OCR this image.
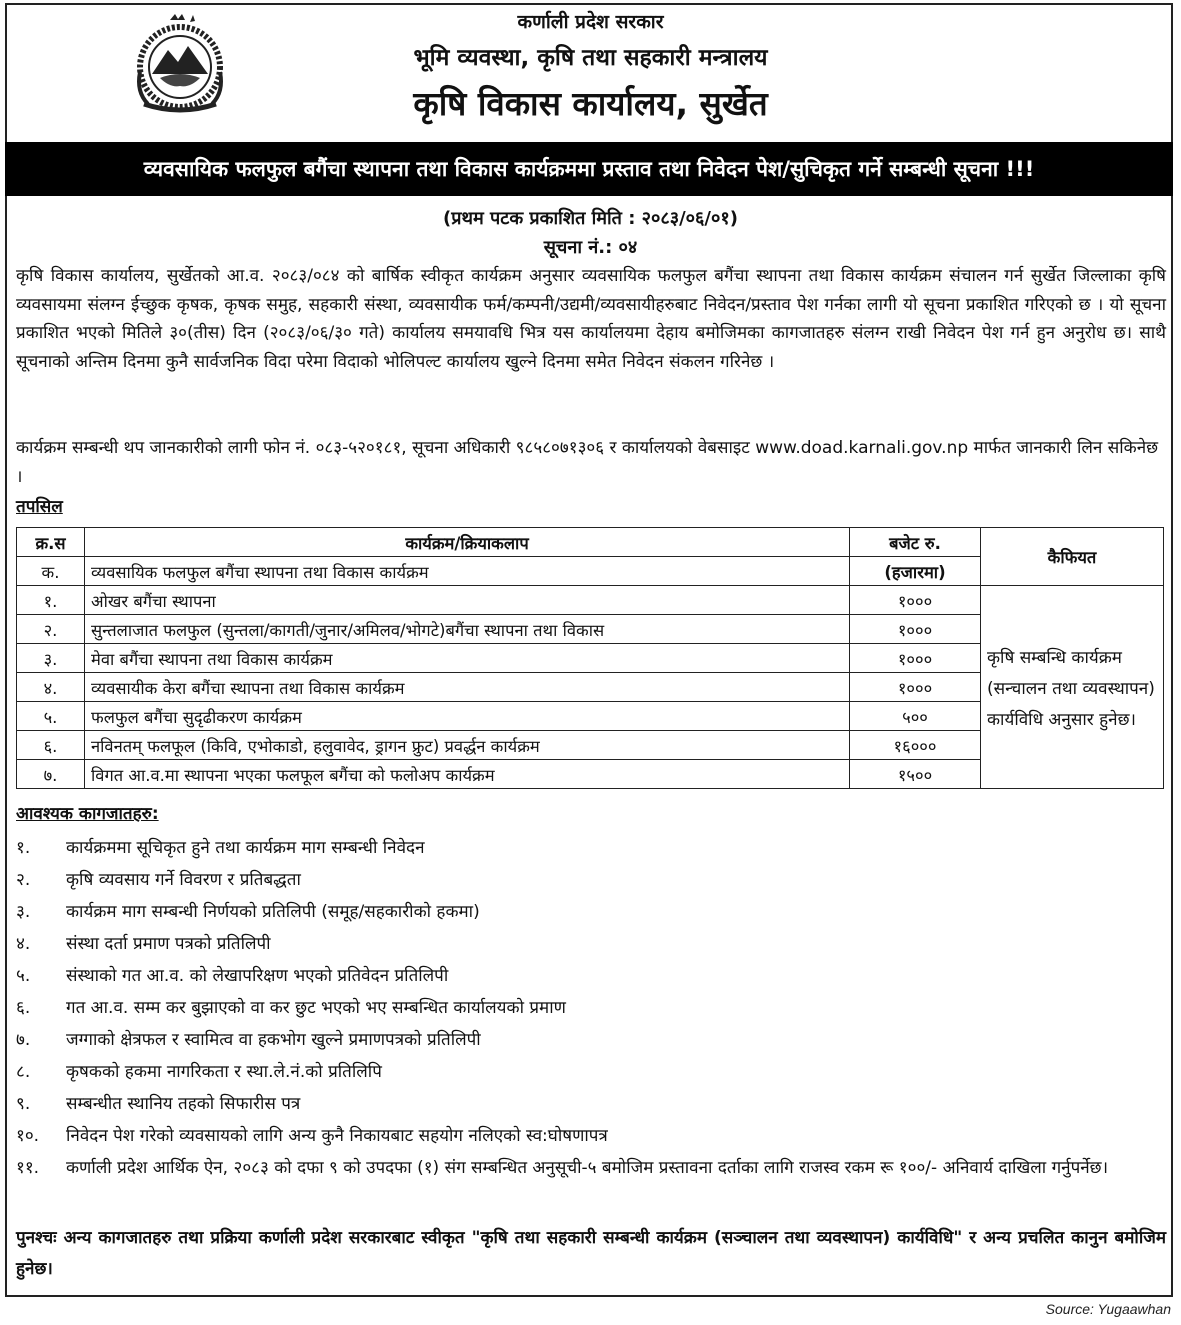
कर्णाली प्रदेश सरकार
भूमि व्यवस्था, कृषि तथा सहकारी मन्त्रालय
कृषि विकास कार्यालय, सुर्खेत
व्यवसायिक फलफुल बगैंचा स्थापना तथा विकास कार्यक्रममा प्रस्ताव तथा निवेदन पेश/सुचिकृत गर्ने सम्बन्धी सूचना !!!
(प्रथम पटक प्रकाशित मिति : २०८३/०६/०१)
सूचना नं.: ०४

कृषि विकास कार्यालय, सुर्खेतको आ.व. २०८३/०८४ को बार्षिक स्वीकृत कार्यक्रम अनुसार व्यवसायिक फलफुल बगैंचा स्थापना तथा विकास कार्यक्रम संचालन गर्न सुर्खेत जिल्लाका कृषि व्यवसायमा संलग्न ईच्छुक कृषक, कृषक समुह, सहकारी संस्था, व्यवसायीक फर्म/कम्पनी/उद्यमी/व्यवसायीहरुबाट निवेदन/प्रस्ताव पेश गर्नका लागी यो सूचना प्रकाशित गरिएको छ । यो सूचना प्रकाशित भएको मितिले ३०(तीस) दिन (२०८३/०६/३० गते) कार्यालय समयावधि भित्र यस कार्यालयमा देहाय बमोजिमका कागजातहरु संलग्न राखी निवेदन पेश गर्न हुन अनुरोध छ। साथै सूचनाको अन्तिम दिनमा कुनै सार्वजनिक विदा परेमा विदाको भोलिपल्ट कार्यालय खुल्ने दिनमा समेत निवेदन संकलन गरिनेछ ।

कार्यक्रम सम्बन्धी थप जानकारीको लागी फोन नं. ०८३-५२०१८१, सूचना अधिकारी ९८५८०७१३०६ र कार्यालयको वेबसाइट www.doad.karnali.gov.np मार्फत जानकारी लिन सकिनेछ ।

तपसिल
क्र.स	कार्यक्रम/क्रियाकलाप	बजेट रु.	कैफियत
क.	व्यवसायिक फलफुल बगैंचा स्थापना तथा विकास कार्यक्रम	(हजारमा)	
१.	ओखर बगैंचा स्थापना	१०००	कृषि सम्बन्धि कार्यक्रम (सन्चालन तथा व्यवस्थापन) कार्यविधि अनुसार हुनेछ।
२.	सुन्तलाजात फलफुल (सुन्तला/कागती/जुनार/अमिलव/भोगटे)बगैंचा स्थापना तथा विकास	१०००	
३.	मेवा बगैंचा स्थापना तथा विकास कार्यक्रम	१०००	
४.	व्यवसायीक केरा बगैंचा स्थापना तथा विकास कार्यक्रम	१०००	
५.	फलफुल बगैंचा सुदृढीकरण कार्यक्रम	५००	
६.	नविनतम् फलफूल (किवि, एभोकाडो, हलुवावेद, ड्रागन फ्रुट) प्रवर्द्धन कार्यक्रम	१६०००	
७.	विगत आ.व.मा स्थापना भएका फलफूल बगैंचा को फलोअप कार्यक्रम	१५००	
आवश्यक कागजातहरु:
१.	कार्यक्रममा सूचिकृत हुने तथा कार्यक्रम माग सम्बन्धी निवेदन
२.	कृषि व्यवसाय गर्ने विवरण र प्रतिबद्धता
३.	कार्यक्रम माग सम्बन्धी निर्णयको प्रतिलिपी (समूह/सहकारीको हकमा)
४.	संस्था दर्ता प्रमाण पत्रको प्रतिलिपी
५.	संस्थाको गत आ.व. को लेखापरिक्षण भएको प्रतिवेदन प्रतिलिपी
६.	गत आ.व. सम्म कर बुझाएको वा कर छुट भएको भए सम्बन्धित कार्यालयको प्रमाण
७.	जग्गाको क्षेत्रफल र स्वामित्व वा हकभोग खुल्ने प्रमाणपत्रको प्रतिलिपी
८.	कृषकको हकमा नागरिकता र स्था.ले.नं.को प्रतिलिपि
९.	सम्बन्धीत स्थानिय तहको सिफारीस पत्र
१०.	निवेदन पेश गरेको व्यवसायको लागि अन्य कुनै निकायबाट सहयोग नलिएको स्व:घोषणापत्र
११.	कर्णाली प्रदेश आर्थिक ऐन, २०८३ को दफा ९ को उपदफा (१) संग सम्बन्धित अनुसूची-५ बमोजिम प्रस्तावना दर्ताका लागि राजस्व रकम रू १००/- अनिवार्य दाखिला गर्नुपर्नेछ।

पुनश्चः अन्य कागजातहरु तथा प्रक्रिया कर्णाली प्रदेश सरकारबाट स्वीकृत "कृषि तथा सहकारी सम्बन्धी कार्यक्रम (सञ्चालन तथा व्यवस्थापन) कार्यविधि" र अन्य प्रचलित कानुन बमोजिम हुनेछ।

Source: Yugaawhan
